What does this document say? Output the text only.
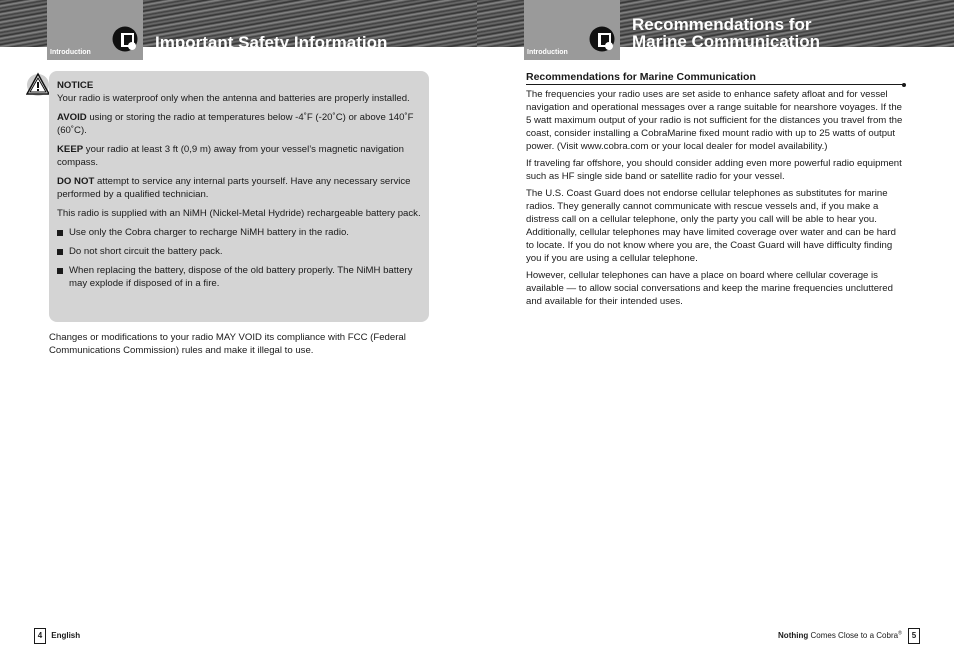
Introduction
Important Safety Information
NOTICE
Your radio is waterproof only when the antenna and batteries are properly installed.
AVOID using or storing the radio at temperatures below -4˚F (-20˚C) or above 140˚F (60˚C).
KEEP your radio at least 3 ft (0,9 m) away from your vessel’s magnetic navigation compass.
DO NOT attempt to service any internal parts yourself. Have any necessary service performed by a qualified technician.
This radio is supplied with an NiMH (Nickel-Metal Hydride) rechargeable battery pack.
Use only the Cobra charger to recharge NiMH battery in the radio.
Do not short circuit the battery pack.
When replacing the battery, dispose of the old battery properly. The NiMH battery may explode if disposed of in a fire.
Changes or modifications to your radio MAY VOID its compliance with FCC (Federal Communications Commission) rules and make it illegal to use.
4 English
Introduction
Recommendations for
Marine Communication
Recommendations for Marine Communication
The frequencies your radio uses are set aside to enhance safety afloat and for vessel navigation and operational messages over a range suitable for nearshore voyages. If the 5 watt maximum output of your radio is not sufficient for the distances you travel from the coast, consider installing a CobraMarine fixed mount radio with up to 25 watts of output power. (Visit www.cobra.com or your local dealer for model availability.)
If traveling far offshore, you should consider adding even more powerful radio equipment such as HF single side band or satellite radio for your vessel.
The U.S. Coast Guard does not endorse cellular telephones as substitutes for marine radios. They generally cannot communicate with rescue vessels and, if you make a distress call on a cellular telephone, only the party you call will be able to hear you. Additionally, cellular telephones may have limited coverage over water and can be hard to locate. If you do not know where you are, the Coast Guard will have difficulty finding you if you are using a cellular telephone.
However, cellular telephones can have a place on board where cellular coverage is available — to allow social conversations and keep the marine frequencies uncluttered and available for their intended uses.
Nothing Comes Close to a Cobra® 5
